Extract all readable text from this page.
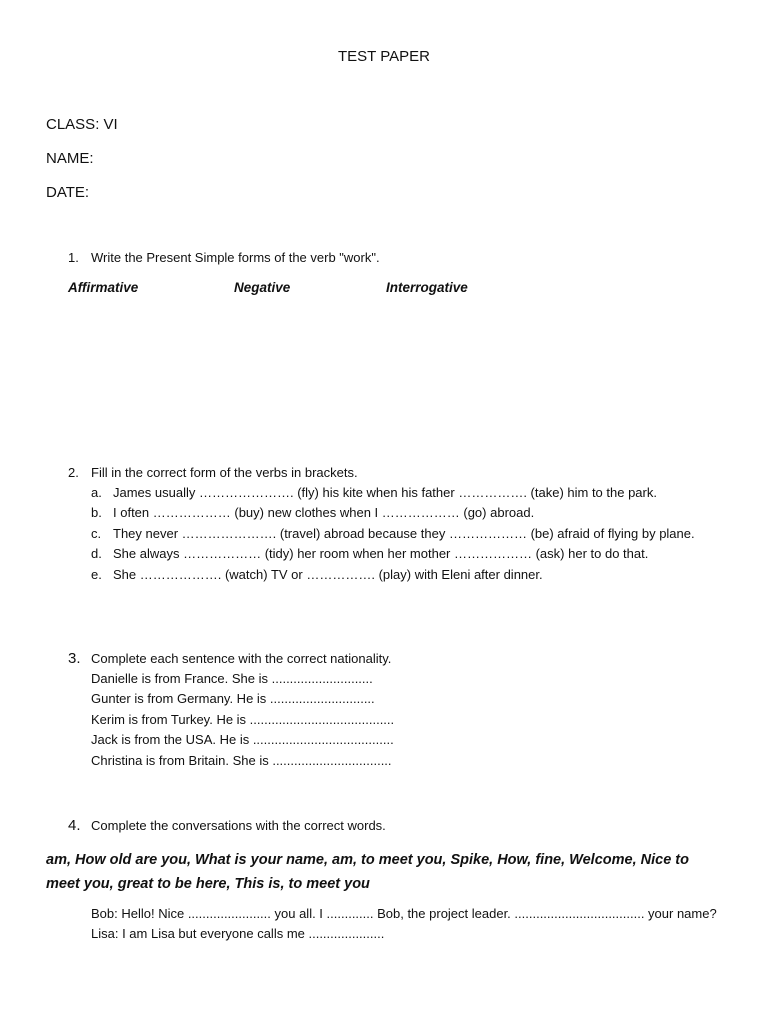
TEST PAPER
CLASS: VI
NAME:
DATE:
1. Write the Present Simple forms of the verb "work".
Affirmative	Negative	Interrogative
2. Fill in the correct form of the verbs in brackets.
a. James usually …………………. (fly) his kite when his father ……………. (take) him to the park.
b. I often ……………… (buy) new clothes when I ……………… (go) abroad.
c. They never …………………. (travel) abroad because they ……………… (be) afraid of flying by plane.
d. She always ……………… (tidy) her room when her mother ……………… (ask) her to do that.
e. She ………………. (watch) TV or ……………. (play) with Eleni after dinner.
3. Complete each sentence with the correct nationality.
Danielle is from France. She is ............................
Gunter is from Germany. He is .............................
Kerim is from Turkey. He is ........................................
Jack is from the USA. He is .......................................
Christina is from Britain. She is .................................
4. Complete the conversations with the correct words.
am, How old are you, What is your name, am, to meet you, Spike, How, fine, Welcome, Nice to meet you, great to be here, This is, to meet you

Bob: Hello! Nice ....................... you all. I ............. Bob, the project leader. .................................... your name?

Lisa: I am Lisa but everyone calls me .....................
